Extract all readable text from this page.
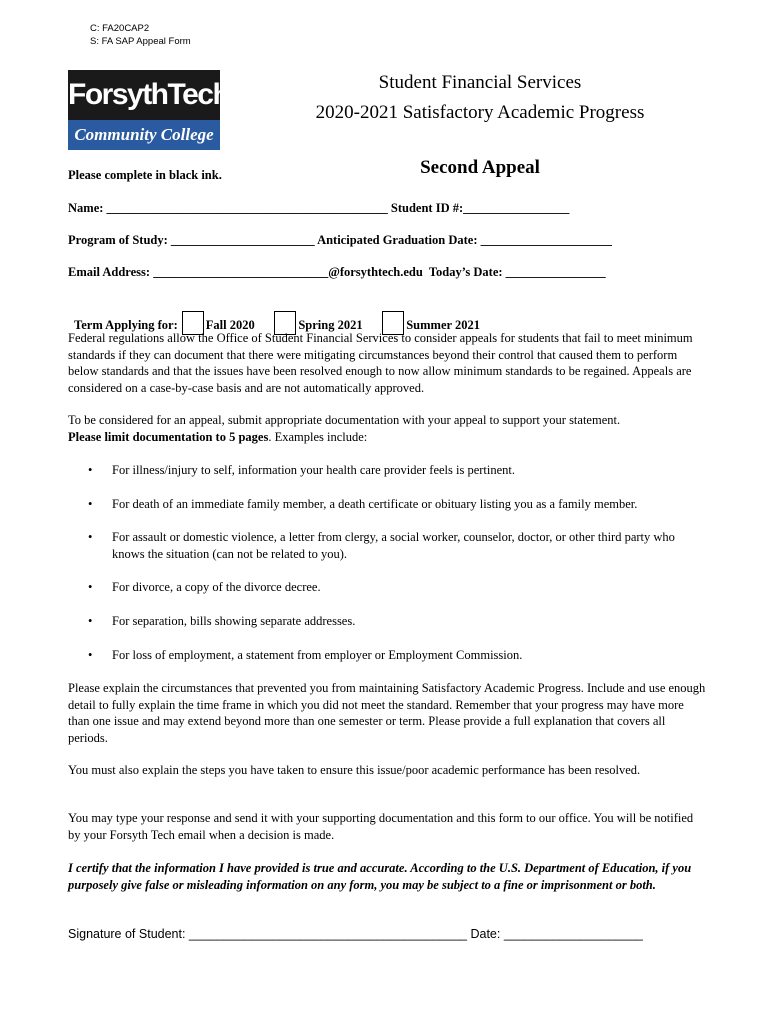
C: FA20CAP2
S: FA SAP Appeal Form
ForsythTech
Community College
Student Financial Services
2020-2021 Satisfactory Academic Progress
Second Appeal
Please complete in black ink.
Name: _____________________________________________ Student ID #:_________________
Program of Study: _______________________ Anticipated Graduation Date: _____________________
Email Address: ____________________________@forsythtech.edu  Today’s Date: ________________

Term Applying for: Fall 2020	Spring 2021	Summer 2021

Federal regulations allow the Office of Student Financial Services to consider appeals for students that fail to meet minimum standards if they can document that there were mitigating circumstances beyond their control that caused them to perform below standards and that the issues have been resolved enough to now allow minimum standards to be regained. Appeals are considered on a case-by-case basis and are not automatically approved.
To be considered for an appeal, submit appropriate documentation with your appeal to support your statement.
Please limit documentation to 5 pages. Examples include:
• For illness/injury to self, information your health care provider feels is pertinent.
• For death of an immediate family member, a death certificate or obituary listing you as a family member.
• For assault or domestic violence, a letter from clergy, a social worker, counselor, doctor, or other third party who knows the situation (can not be related to you).
• For divorce, a copy of the divorce decree.
• For separation, bills showing separate addresses.
• For loss of employment, a statement from employer or Employment Commission.
Please explain the circumstances that prevented you from maintaining Satisfactory Academic Progress. Include and use enough detail to fully explain the time frame in which you did not meet the standard. Remember that your progress may have more than one issue and may extend beyond more than one semester or term. Please provide a full explanation that covers all periods.
You must also explain the steps you have taken to ensure this issue/poor academic performance has been resolved.
You may type your response and send it with your supporting documentation and this form to our office. You will be notified by your Forsyth Tech email when a decision is made.
I certify that the information I have provided is true and accurate. According to the U.S. Department of Education, if you purposely give false or misleading information on any form, you may be subject to a fine or imprisonment or both.
Signature of Student: ________________________________________ Date: ____________________
